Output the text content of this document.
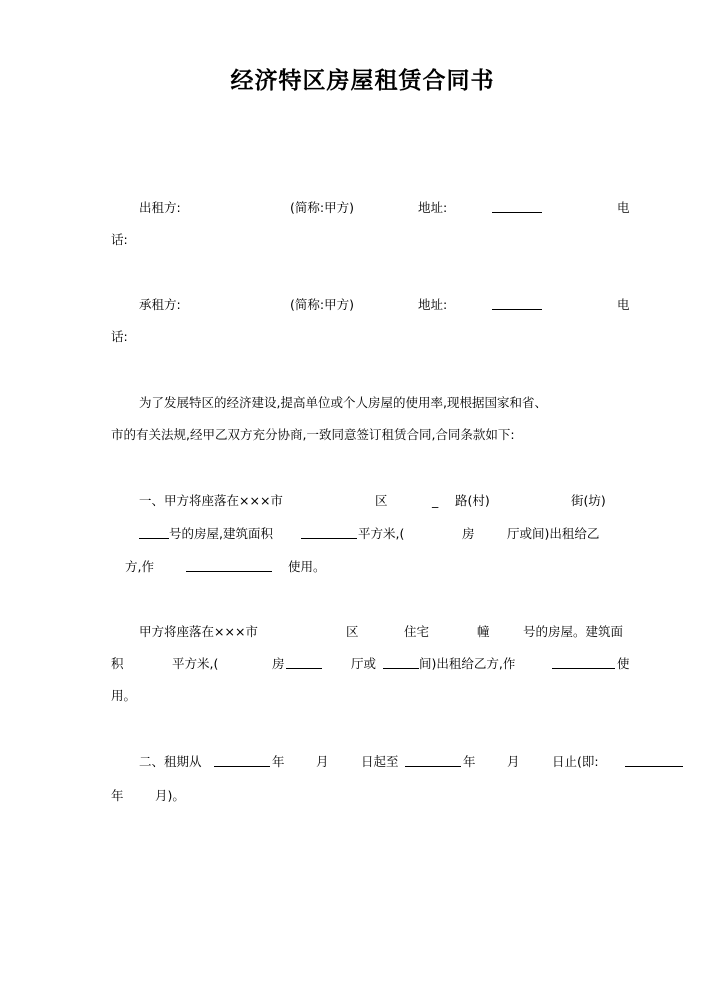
经济特区房屋租赁合同书
出租方:	(简称:甲方)	地址:	电
话:
承租方:	(简称:甲方)	地址:	电
话:
为了发展特区的经济建设,提高单位或个人房屋的使用率,现根据国家和省、
市的有关法规,经甲乙双方充分协商,一致同意签订租赁合同,合同条款如下:
一、甲方将座落在×××市	区	_ 路(村)	街(坊)
号的房屋,建筑面积	平方米,(	房	厅或间)出租给乙
方,作	使用。
甲方将座落在×××市	区	住宅	幢	号的房屋。建筑面
积	平方米,(	房	厅或	间)出租给乙方,作	使
用。
二、租期从	年	月	日起至	年	月	日止(即:
年	月)。
